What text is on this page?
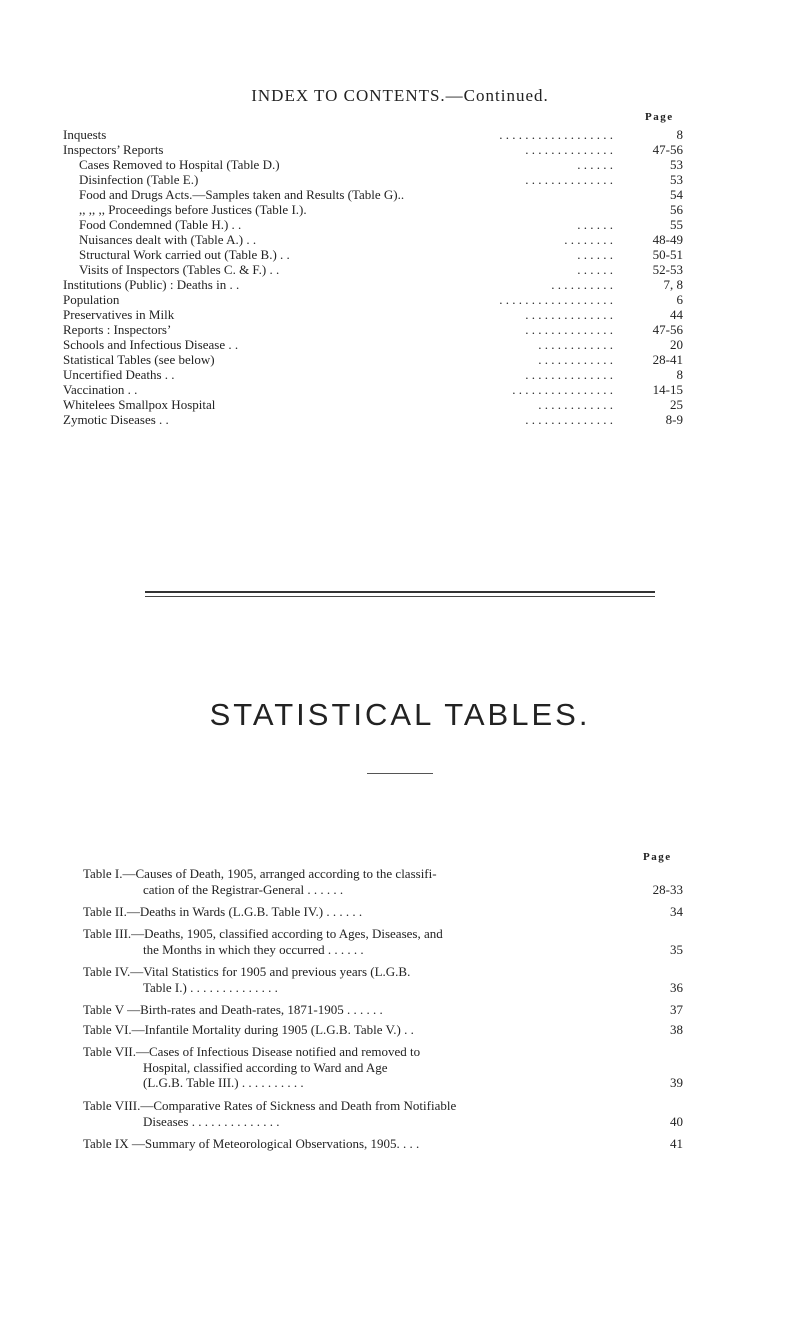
INDEX TO CONTENTS.—Continued.
Page
. . . . . . . . . . . . . . . . . .
Inquests	8
. . . . . . . . . . . . . .
Inspectors’ Reports	47-56
. . . . . .
Cases Removed to Hospital (Table D.)	53
. . . . . . . . . . . . . .
Disinfection (Table E.)	53
Food and Drugs Acts.—Samples taken and Results (Table G)..	54
,, ,, ,, Proceedings before Justices (Table I.).	56
. . . . . .
Food Condemned (Table H.) . .	55
. . . . . . . .
Nuisances dealt with (Table A.) . .	48-49
. . . . . .
Structural Work carried out (Table B.) . .	50-51
. . . . . .
Visits of Inspectors (Tables C. & F.) . .	52-53
. . . . . . . . . .
Institutions (Public) : Deaths in . .	7, 8
. . . . . . . . . . . . . . . . . .
Population	6
. . . . . . . . . . . . . .
Preservatives in Milk	44
. . . . . . . . . . . . . .
Reports : Inspectors’	47-56
. . . . . . . . . . . .
Schools and Infectious Disease . .	20
. . . . . . . . . . . .
Statistical Tables (see below)	28-41
. . . . . . . . . . . . . .
Uncertified Deaths . .	8
. . . . . . . . . . . . . . . .
Vaccination . .	14-15
. . . . . . . . . . . .
Whitelees Smallpox Hospital	25
. . . . . . . . . . . . . .
Zymotic Diseases . .	8-9
STATISTICAL TABLES.
Page
Table I.—Causes of Death, 1905, arranged according to the classifi-
cation of the Registrar-General . . . . . .	28-33
Table II.—Deaths in Wards (L.G.B. Table IV.) . . . . . .	34
Table III.—Deaths, 1905, classified according to Ages, Diseases, and
the Months in which they occurred . . . . . .	35
Table IV.—Vital Statistics for 1905 and previous years (L.G.B.
Table I.) . . . . . . . . . . . . . .	36
Table V —Birth-rates and Death-rates, 1871-1905 . . . . . .	37
Table VI.—Infantile Mortality during 1905 (L.G.B. Table V.) . .	38
Table VII.—Cases of Infectious Disease notified and removed to
Hospital, classified according to Ward and Age
(L.G.B. Table III.) . . . . . . . . . .	39
Table VIII.—Comparative Rates of Sickness and Death from Notifiable
Diseases . . . . . . . . . . . . . .	40
Table IX —Summary of Meteorological Observations, 1905. . . .	41
